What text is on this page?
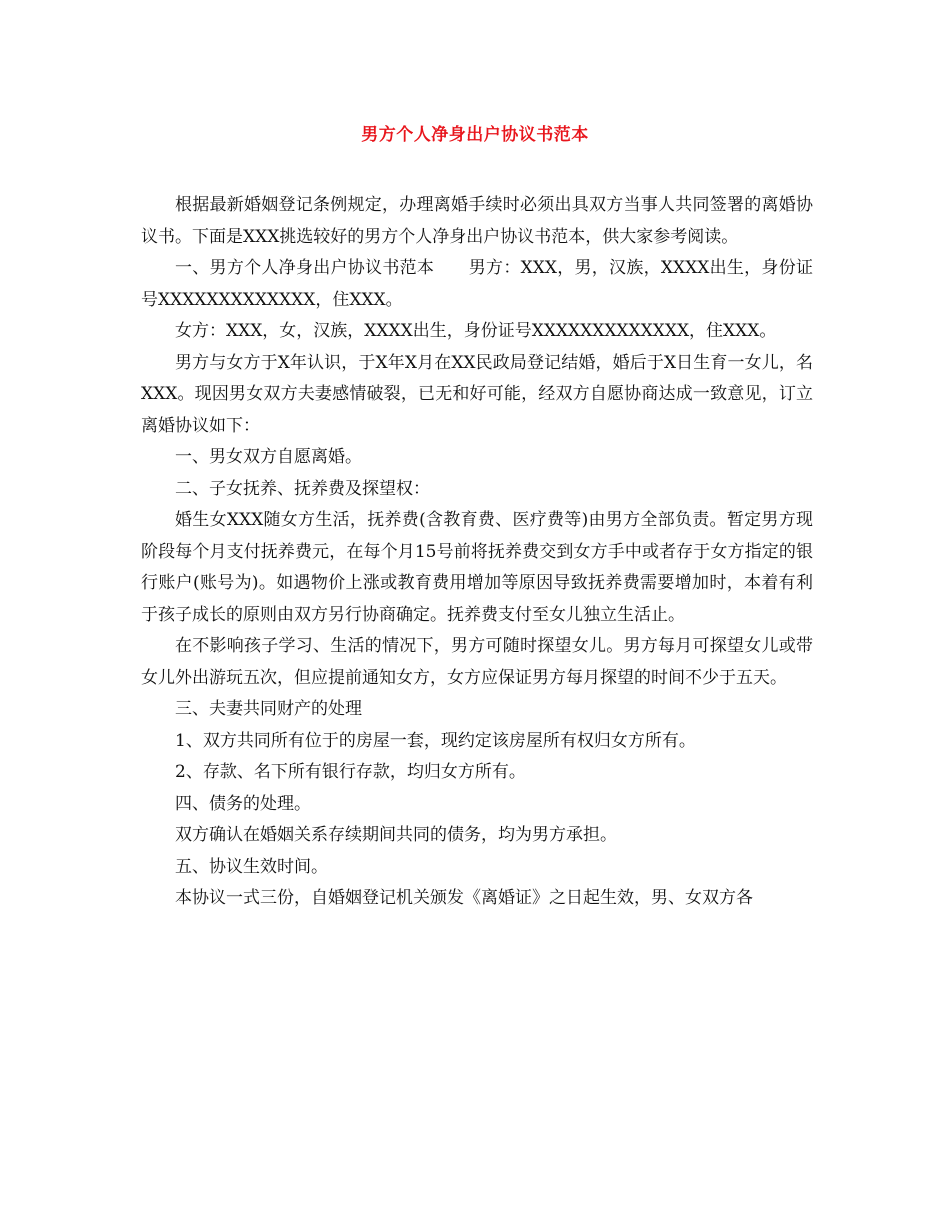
男方个人净身出户协议书范本

根据最新婚姻登记条例规定，办理离婚手续时必须出具双方当事人共同签署的离婚协议书。下面是XXX挑选较好的男方个人净身出户协议书范本，供大家参考阅读。

一、男方个人净身出户协议书范本　　男方：XXX，男，汉族，XXXX出生，身份证号XXXXXXXXXXXXX，住XXX。

女方：XXX，女，汉族，XXXX出生，身份证号XXXXXXXXXXXXX，住XXX。

男方与女方于X年认识，于X年X月在XX民政局登记结婚，婚后于X日生育一女儿，名XXX。现因男女双方夫妻感情破裂，已无和好可能，经双方自愿协商达成一致意见，订立离婚协议如下：

一、男女双方自愿离婚。

二、子女抚养、抚养费及探望权：

婚生女XXX随女方生活，抚养费(含教育费、医疗费等)由男方全部负责。暂定男方现阶段每个月支付抚养费元，在每个月15号前将抚养费交到女方手中或者存于女方指定的银行账户(账号为)。如遇物价上涨或教育费用增加等原因导致抚养费需要增加时，本着有利于孩子成长的原则由双方另行协商确定。抚养费支付至女儿独立生活止。

在不影响孩子学习、生活的情况下，男方可随时探望女儿。男方每月可探望女儿或带女儿外出游玩五次，但应提前通知女方，女方应保证男方每月探望的时间不少于五天。

三、夫妻共同财产的处理

1、双方共同所有位于的房屋一套，现约定该房屋所有权归女方所有。

2、存款、名下所有银行存款，均归女方所有。

四、债务的处理。

双方确认在婚姻关系存续期间共同的债务，均为男方承担。

五、协议生效时间。

本协议一式三份，自婚姻登记机关颁发《离婚证》之日起生效，男、女双方各
